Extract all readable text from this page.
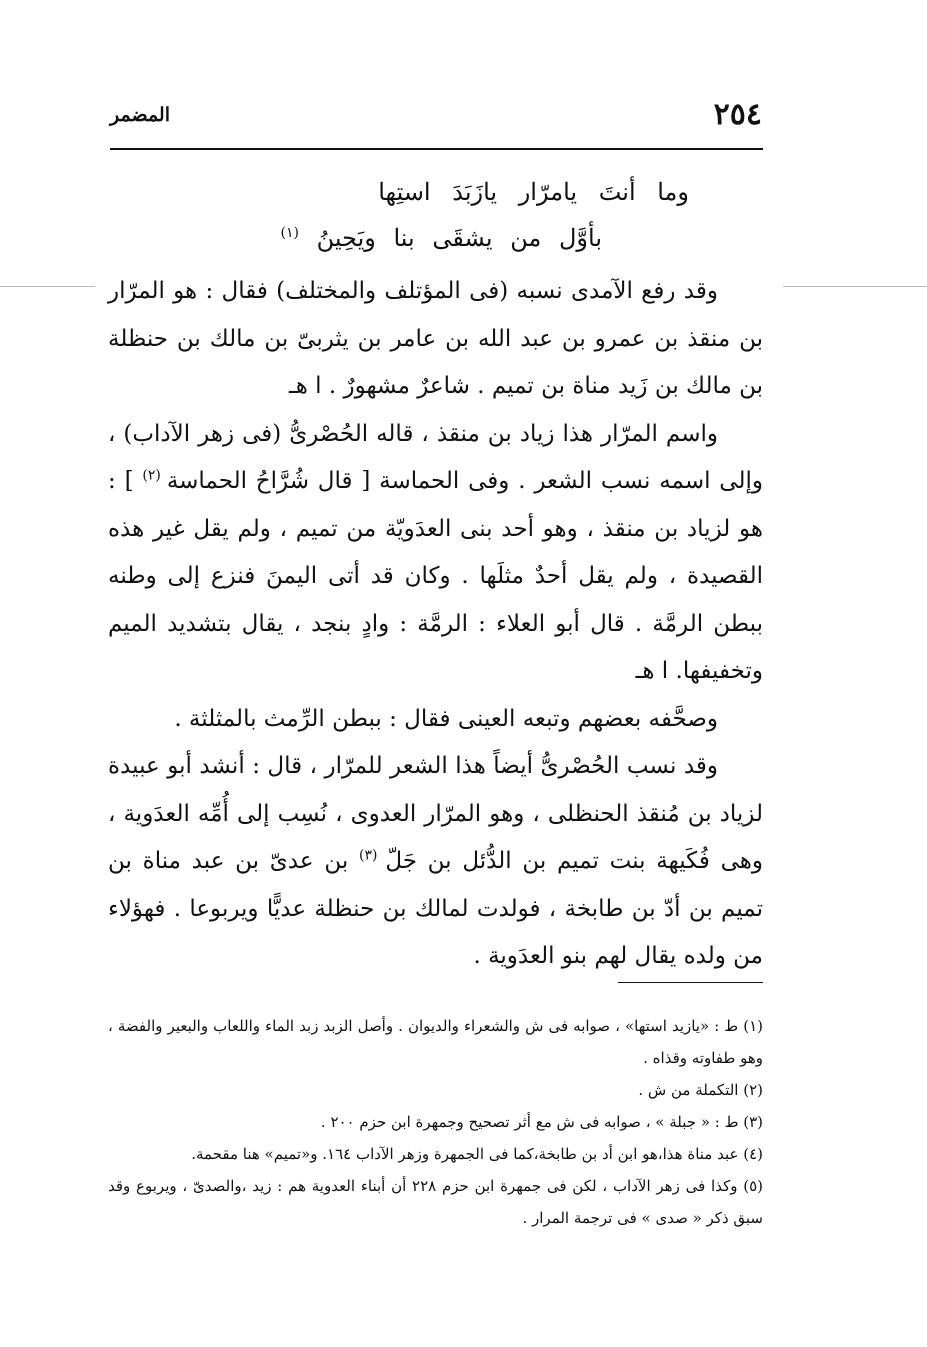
٢٥٤
المضمر
وما أنتَ يامرّار يازَبَدَ استِها
بأوَّل من يشقَى بنا ويَحِينُ $^{(١)}$

وقد رفع الآمدى نسبه (فى المؤتلف والمختلف) فقال : هو المرّار بن منقذ بن عمرو بن عبد الله بن عامر بن يثربىّ بن مالك بن حنظلة بن مالك بن زَيد مناة بن تميم . شاعرٌ مشهورٌ . ا هـ

واسم المرّار هذا زياد بن منقذ ، قاله الحُصْرىُّ (فى زهر الآداب) ، وإلى اسمه نسب الشعر . وفى الحماسة [ قال شُرَّاحُ الحماسة $^{(٢)}$ ] : هو لزياد بن منقذ ، وهو أحد بنى العدَويّة من تميم ، ولم يقل غير هذه القصيدة ، ولم يقل أحدٌ مثلَها . وكان قد أتى اليمنَ فنزع إلى وطنه ببطن الرمَّة . قال أبو العلاء : الرمَّة : وادٍ بنجد ، يقال بتشديد الميم وتخفيفها. ا هـ

وصحَّفه بعضهم وتبعه العينى فقال : ببطن الرِّمث بالمثلثة .

وقد نسب الحُصْرىُّ أيضاً هذا الشعر للمرّار ، قال : أنشد أبو عبيدة لزياد بن مُنقذ الحنظلى ، وهو المرّار العدوى ، نُسِب إلى أُمِّه العدَوية ، وهى فُكَيهة بنت تميم بن الدُّئل بن جَلّ $^{(٣)}$ بن عدىّ بن عبد مناة بن تميم بن أدّ بن طابخة ، فولدت لمالك بن حنظلة عديًّا ويربوعا . فهؤلاء من ولده يقال لهم بنو العدَوية .

(١) ط : «يازيد استها» ، صوابه فى ش والشعراء والديوان . وأصل الزبد زبد الماء واللعاب والبعير والفضة ، وهو طفاوته وقذاه .

(٢) التكملة من ش .

(٣) ط : « جبلة » ، صوابه فى ش مع أثر تصحيح وجمهرة ابن حزم ٢٠٠ .

(٤) عبد مناة هذا،هو ابن أد بن طابخة،كما فى الجمهرة وزهر الآداب ١٦٤. و«تميم» هنا مقحمة.

(٥) وكذا فى زهر الآداب ، لكن فى جمهرة ابن حزم ٢٢٨ أن أبناء العدوية هم : زيد ،والصدىّ ، ويربوع وقد سبق ذكر « صدى » فى ترجمة المرار .
